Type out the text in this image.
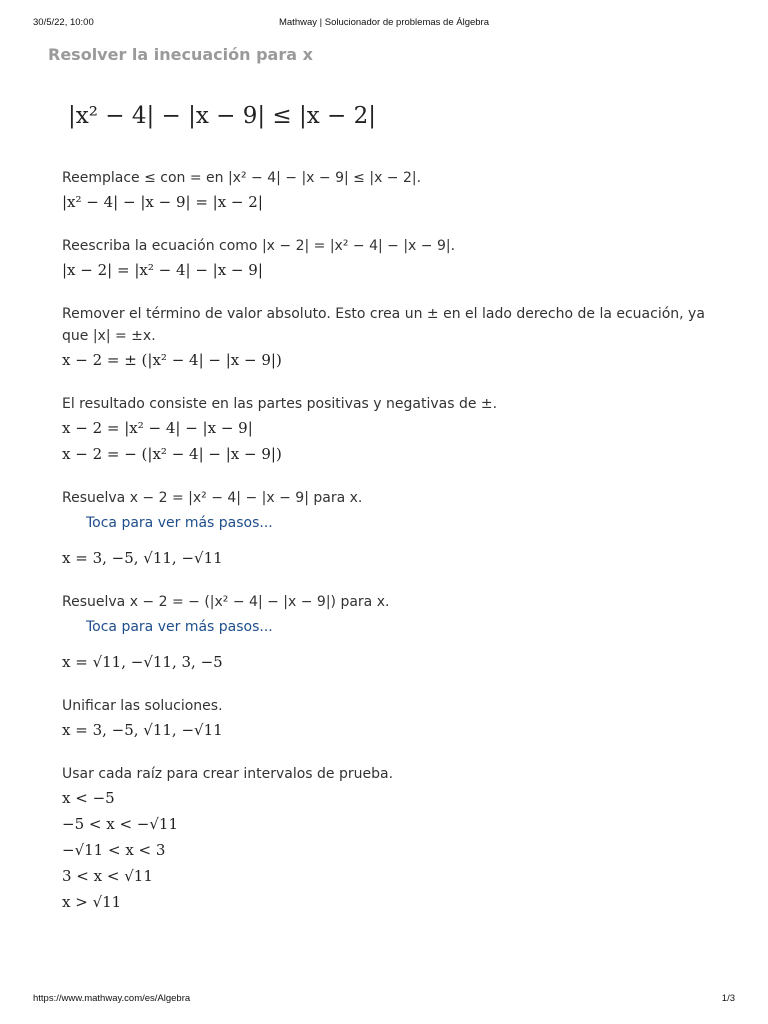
30/5/22, 10:00	Mathway | Solucionador de problemas de Álgebra
Resolver la inecuación para x
|x² − 4| − |x − 9| ≤ |x − 2|
Reemplace ≤ con = en |x² − 4| − |x − 9| ≤ |x − 2|.
|x² − 4| − |x − 9| = |x − 2|
Reescriba la ecuación como |x − 2| = |x² − 4| − |x − 9|.
|x − 2| = |x² − 4| − |x − 9|
Remover el término de valor absoluto. Esto crea un ± en el lado derecho de la ecuación, ya que |x| = ±x.
x − 2 = ± (|x² − 4| − |x − 9|)
El resultado consiste en las partes positivas y negativas de ±.
x − 2 = |x² − 4| − |x − 9|
x − 2 = − (|x² − 4| − |x − 9|)
Resuelva x − 2 = |x² − 4| − |x − 9| para x.
Toca para ver más pasos...
x = 3, −5, √11, −√11
Resuelva x − 2 = − (|x² − 4| − |x − 9|) para x.
Toca para ver más pasos...
x = √11, −√11, 3, −5
Unificar las soluciones.
x = 3, −5, √11, −√11
Usar cada raíz para crear intervalos de prueba.
x < −5
−5 < x < −√11
−√11 < x < 3
3 < x < √11
x > √11
https://www.mathway.com/es/Algebra	1/3
